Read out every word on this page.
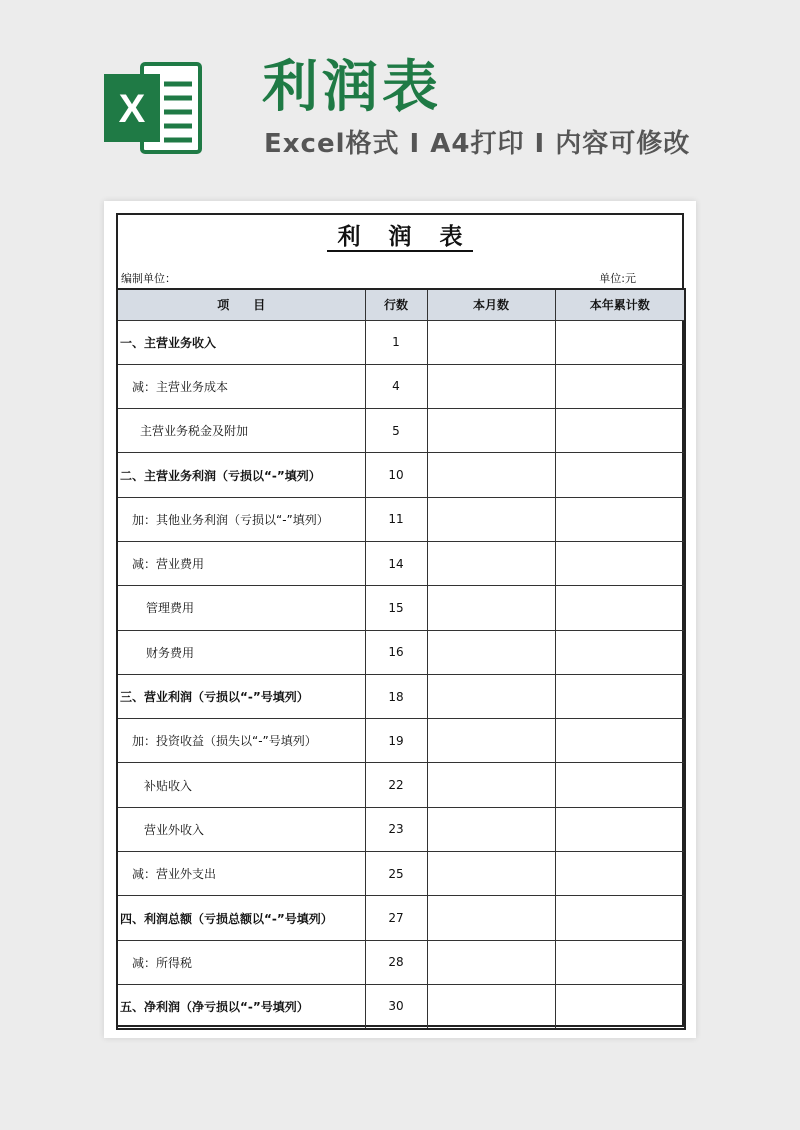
X 利润表
Excel格式 I A4打印 I 内容可修改
利 润 表
编制单位：	单位:元
项　　目	行数	本月数	本年累计数
一、主营业务收入	1		
减：主营业务成本	4		
主营业务税金及附加	5		
二、主营业务利润（亏损以“-”填列）	10		
加：其他业务利润（亏损以“-”填列）	11		
减：营业费用	14		
管理费用	15		
财务费用	16		
三、营业利润（亏损以“-”号填列）	18		
加：投资收益（损失以“-”号填列）	19		
补贴收入	22		
营业外收入	23		
减：营业外支出	25		
四、利润总额（亏损总额以“-”号填列）	27		
减：所得税	28		
五、净利润（净亏损以“-”号填列）	30		
